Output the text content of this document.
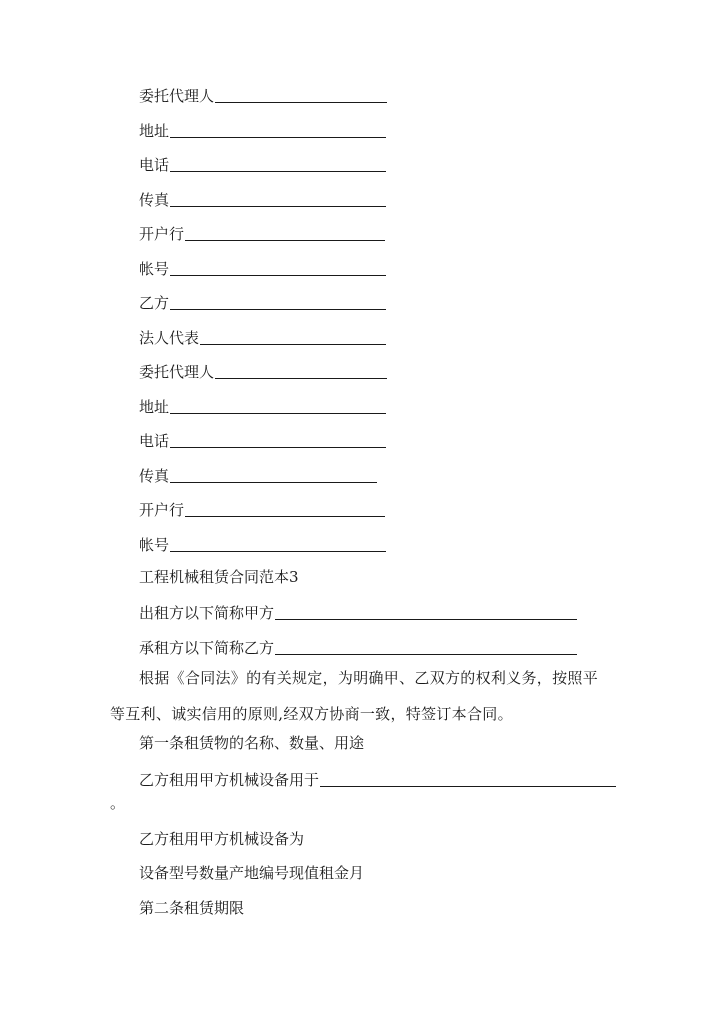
委托代理人
地址
电话
传真
开户行
帐号
乙方
法人代表
委托代理人
地址
电话
传真
开户行
帐号
工程机械租赁合同范本3
出租方以下简称甲方
承租方以下简称乙方
根据《合同法》的有关规定，为明确甲、乙双方的权利义务，按照平等互利、诚实信用的原则,经双方协商一致，特签订本合同。
第一条租赁物的名称、数量、用途
乙方租用甲方机械设备用于
。
乙方租用甲方机械设备为
设备型号数量产地编号现值租金月
第二条租赁期限
